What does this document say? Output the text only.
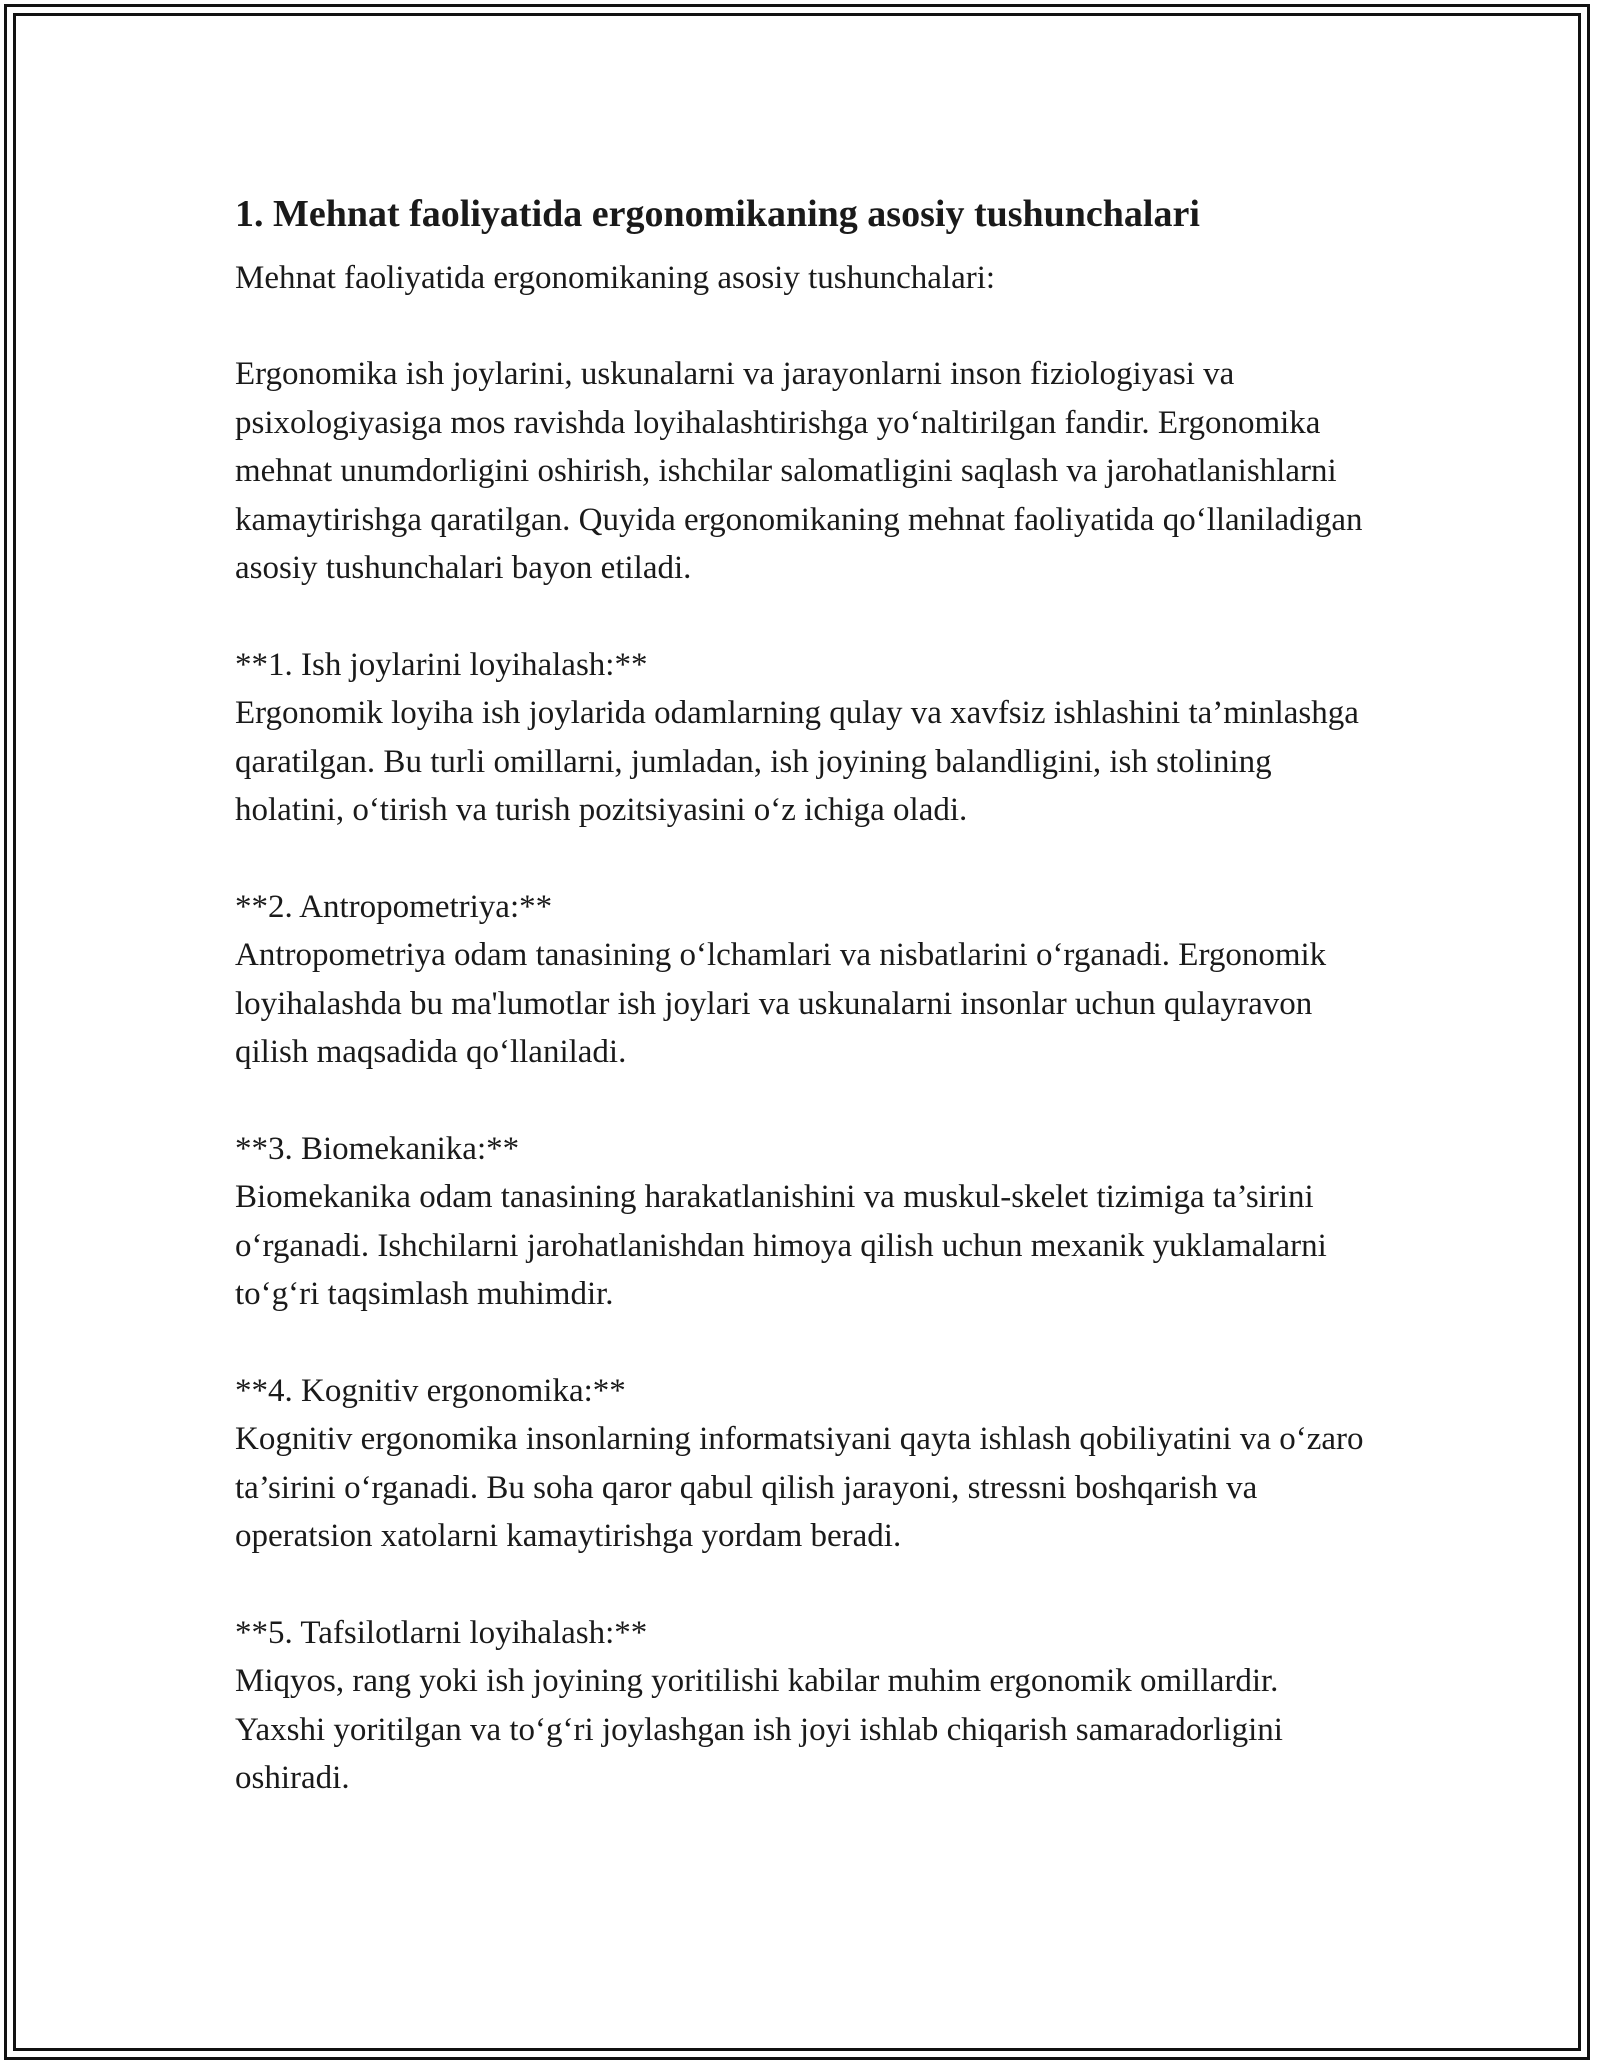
1. Mehnat faoliyatida ergonomikaning asosiy tushunchalari

Mehnat faoliyatida ergonomikaning asosiy tushunchalari:

Ergonomika ish joylarini, uskunalarni va jarayonlarni inson fiziologiyasi va psixologiyasiga mos ravishda loyihalashtirishga yo‘naltirilgan fandir. Ergonomika mehnat unumdorligini oshirish, ishchilar salomatligini saqlash va jarohatlanishlarni kamaytirishga qaratilgan. Quyida ergonomikaning mehnat faoliyatida qo‘llaniladigan asosiy tushunchalari bayon etiladi.

**1. Ish joylarini loyihalash:**

Ergonomik loyiha ish joylarida odamlarning qulay va xavfsiz ishlashini ta’minlashga qaratilgan. Bu turli omillarni, jumladan, ish joyining balandligini, ish stolining holatini, o‘tirish va turish pozitsiyasini o‘z ichiga oladi.

**2. Antropometriya:**

Antropometriya odam tanasining o‘lchamlari va nisbatlarini o‘rganadi. Ergonomik loyihalashda bu ma'lumotlar ish joylari va uskunalarni insonlar uchun qulayravon qilish maqsadida qo‘llaniladi.

**3. Biomekanika:**

Biomekanika odam tanasining harakatlanishini va muskul-skelet tizimiga ta’sirini o‘rganadi. Ishchilarni jarohatlanishdan himoya qilish uchun mexanik yuklamalarni to‘g‘ri taqsimlash muhimdir.

**4. Kognitiv ergonomika:**

Kognitiv ergonomika insonlarning informatsiyani qayta ishlash qobiliyatini va o‘zaro ta’sirini o‘rganadi. Bu soha qaror qabul qilish jarayoni, stressni boshqarish va operatsion xatolarni kamaytirishga yordam beradi.

**5. Tafsilotlarni loyihalash:**

Miqyos, rang yoki ish joyining yoritilishi kabilar muhim ergonomik omillardir. Yaxshi yoritilgan va to‘g‘ri joylashgan ish joyi ishlab chiqarish samaradorligini oshiradi.
